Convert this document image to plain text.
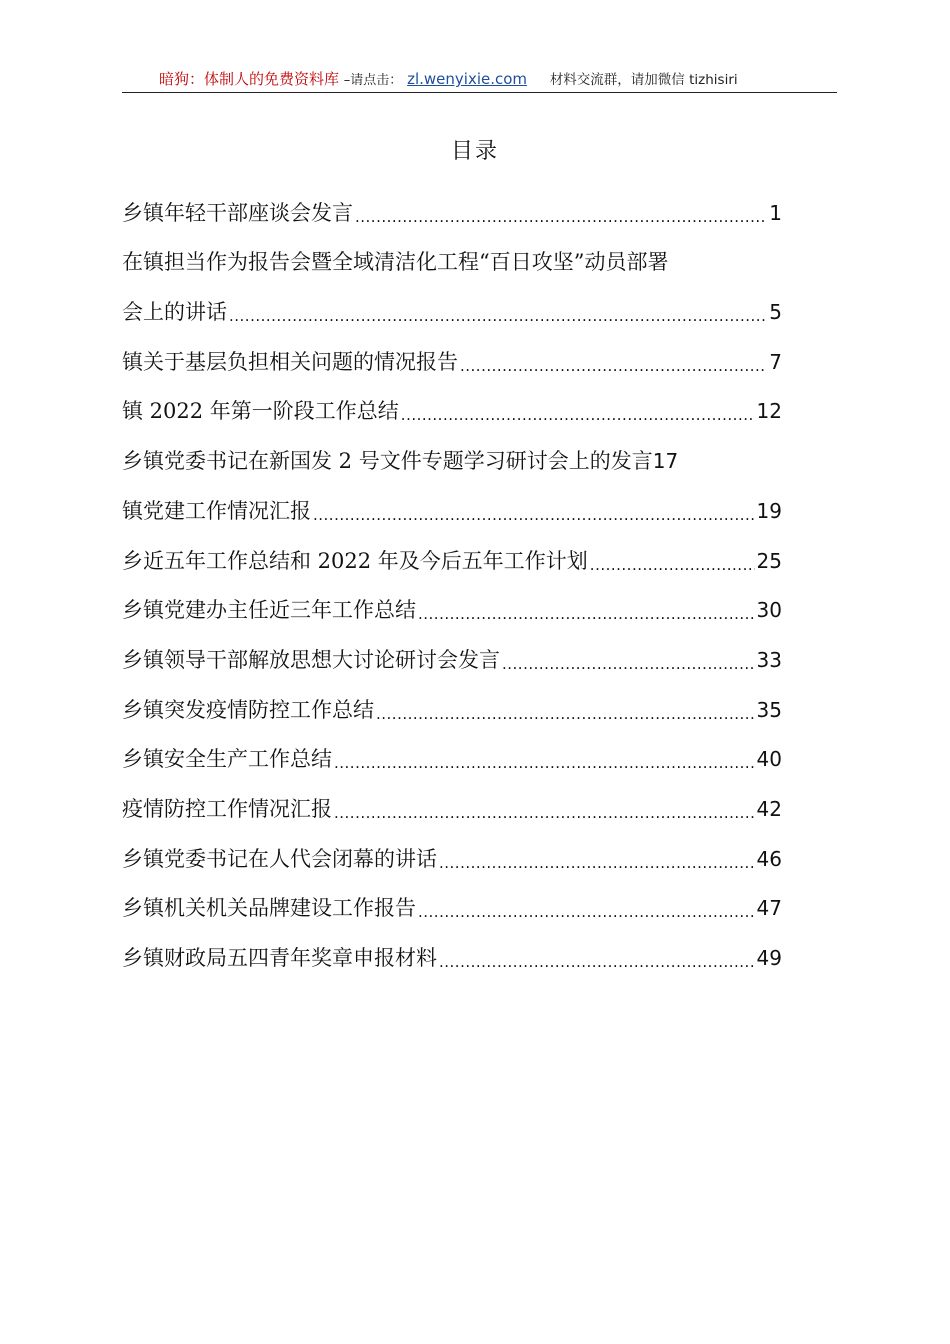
暗狗：体制人的免费资料库 –请点击： zl.wenyixie.com 材料交流群，请加微信 tizhisiri
目录
乡镇年轻干部座谈会发言 .....	1
在镇担当作为报告会暨全域清洁化工程“百日攻坚”动员部署
会上的讲话 .....	5
镇关于基层负担相关问题的情况报告 .....	7
镇 2022 年第一阶段工作总结 .....	12
乡镇党委书记在新国发 2 号文件专题学习研讨会上的发言 17
镇党建工作情况汇报 .....	19
乡近五年工作总结和 2022 年及今后五年工作计划 .....	25
乡镇党建办主任近三年工作总结 .....	30
乡镇领导干部解放思想大讨论研讨会发言 .....	33
乡镇突发疫情防控工作总结 .....	35
乡镇安全生产工作总结 .....	40
疫情防控工作情况汇报 .....	42
乡镇党委书记在人代会闭幕的讲话 .....	46
乡镇机关机关品牌建设工作报告 .....	47
乡镇财政局五四青年奖章申报材料 .....	49
